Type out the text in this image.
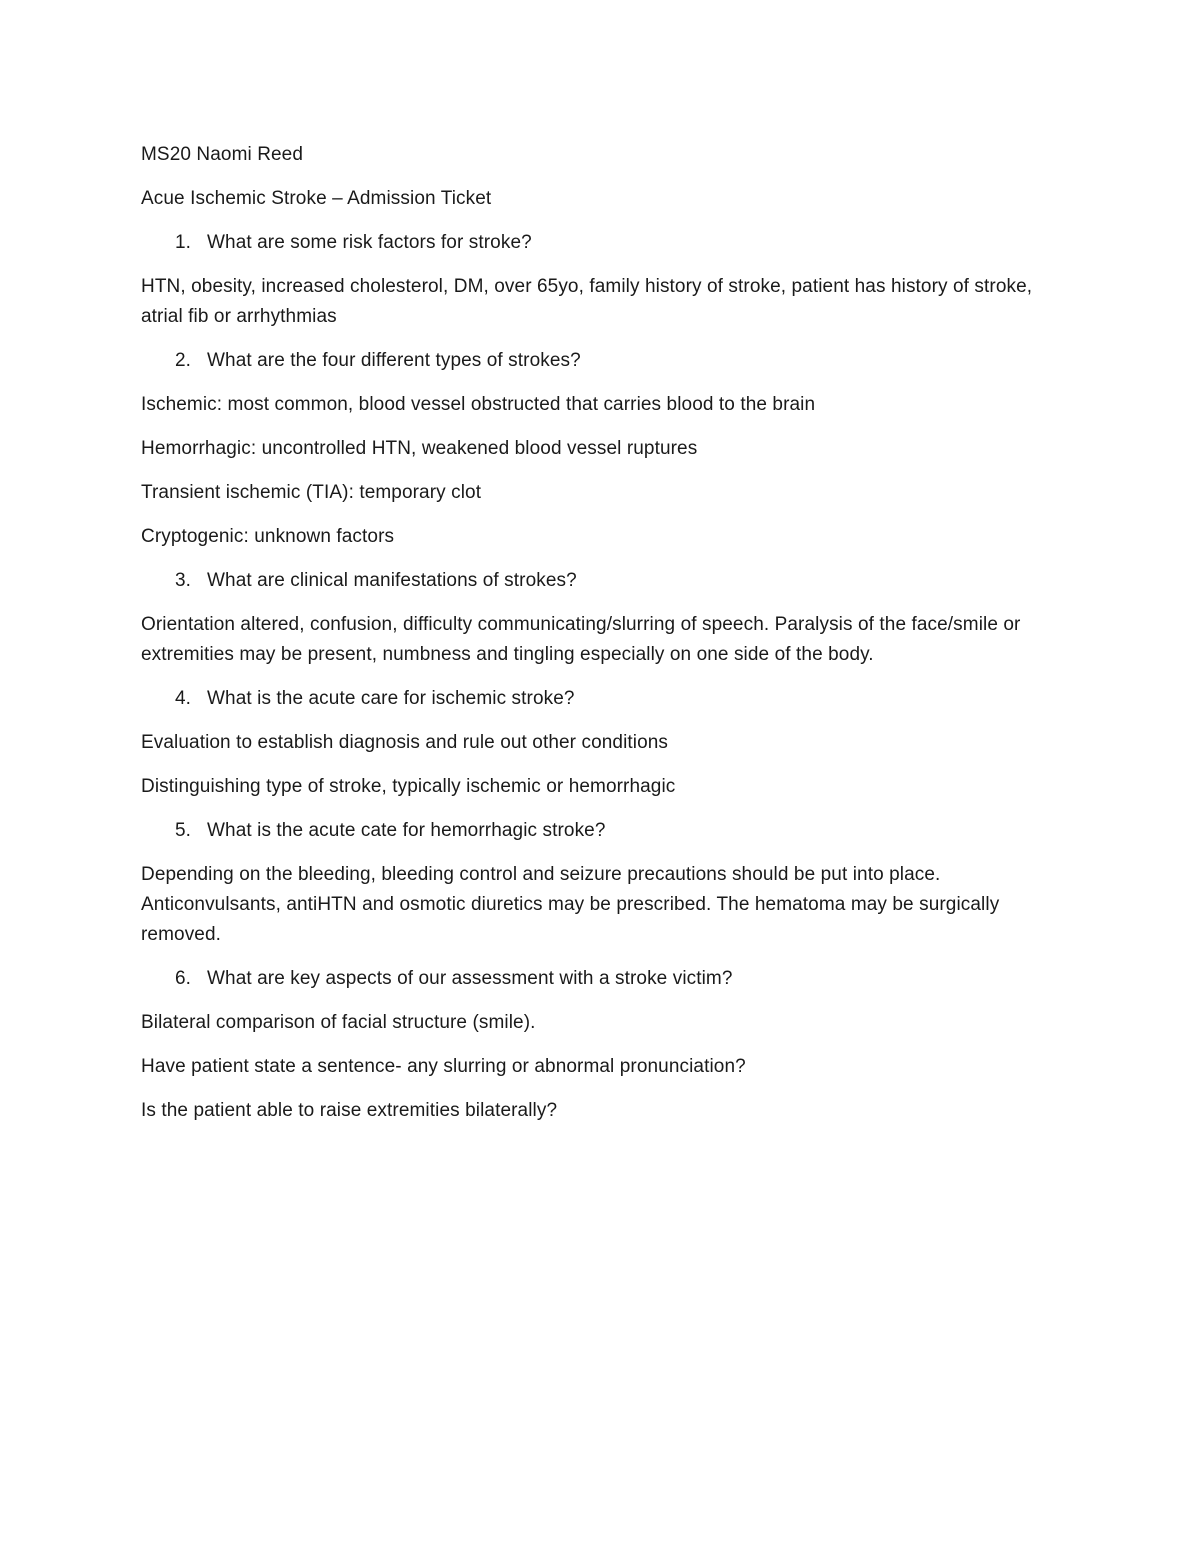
MS20 Naomi Reed

Acue Ischemic Stroke – Admission Ticket

1. What are some risk factors for stroke?

HTN, obesity, increased cholesterol, DM, over 65yo, family history of stroke, patient has history of stroke, atrial fib or arrhythmias

2. What are the four different types of strokes?

Ischemic: most common, blood vessel obstructed that carries blood to the brain

Hemorrhagic: uncontrolled HTN, weakened blood vessel ruptures

Transient ischemic (TIA): temporary clot

Cryptogenic: unknown factors

3. What are clinical manifestations of strokes?

Orientation altered, confusion, difficulty communicating/slurring of speech. Paralysis of the face/smile or extremities may be present, numbness and tingling especially on one side of the body.

4. What is the acute care for ischemic stroke?

Evaluation to establish diagnosis and rule out other conditions

Distinguishing type of stroke, typically ischemic or hemorrhagic

5. What is the acute cate for hemorrhagic stroke?

Depending on the bleeding, bleeding control and seizure precautions should be put into place. Anticonvulsants, antiHTN and osmotic diuretics may be prescribed. The hematoma may be surgically removed.

6. What are key aspects of our assessment with a stroke victim?

Bilateral comparison of facial structure (smile).

Have patient state a sentence- any slurring or abnormal pronunciation?

Is the patient able to raise extremities bilaterally?
